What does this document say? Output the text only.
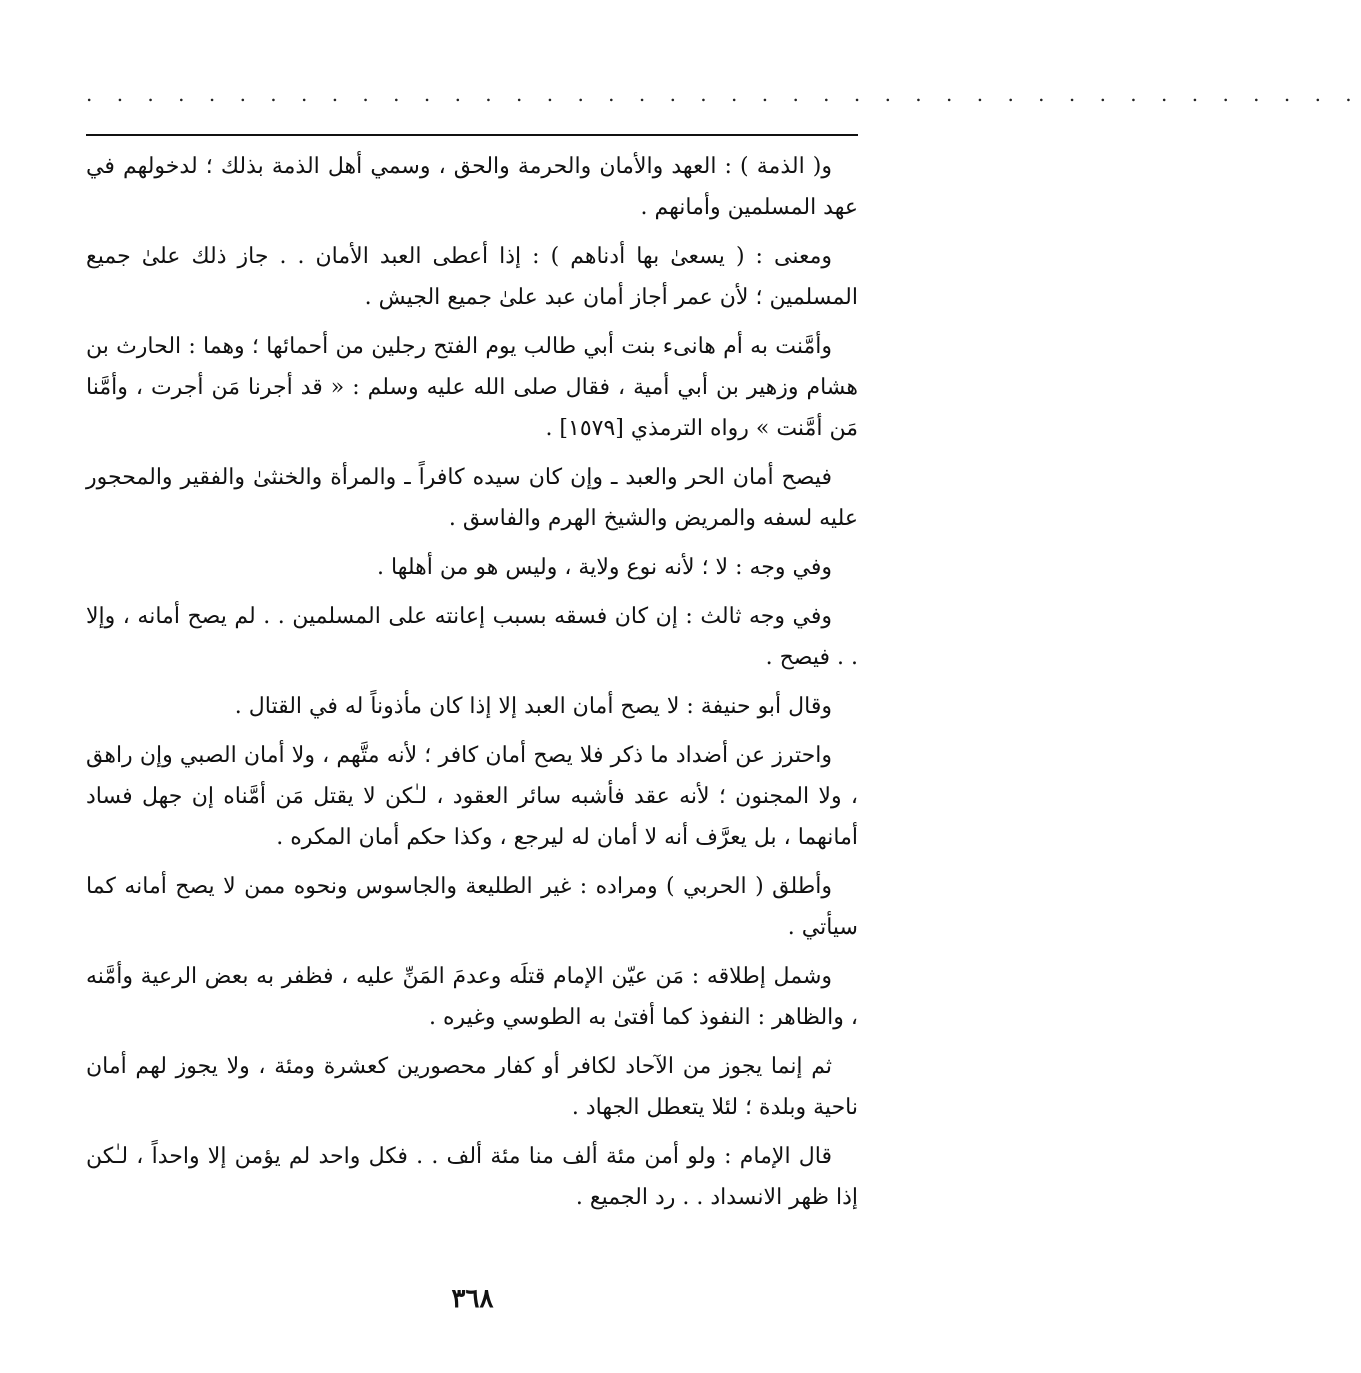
. . . . . . . . . . . . . . . . . . . . . . . . . . . . . . . . . . . . . . . . . .

و( الذمة ) : العهد والأمان والحرمة والحق ، وسمي أهل الذمة بذلك ؛ لدخولهم في عهد المسلمين وأمانهم .

ومعنى : ( يسعىٰ بها أدناهم ) : إذا أعطى العبد الأمان . . جاز ذلك علىٰ جميع المسلمين ؛ لأن عمر أجاز أمان عبد علىٰ جميع الجيش .

وأمَّنت به أم هانىء بنت أبي طالب يوم الفتح رجلين من أحمائها ؛ وهما : الحارث بن هشام وزهير بن أبي أمية ، فقال صلى الله عليه وسلم : « قد أجرنا مَن أجرت ، وأمَّنا مَن أمَّنت » رواه الترمذي [١٥٧٩] .

فيصح أمان الحر والعبد ـ وإن كان سيده كافراً ـ والمرأة والخنثىٰ والفقير والمحجور عليه لسفه والمريض والشيخ الهرم والفاسق .

وفي وجه : لا ؛ لأنه نوع ولاية ، وليس هو من أهلها .

وفي وجه ثالث : إن كان فسقه بسبب إعانته على المسلمين . . لم يصح أمانه ، وإلا . . فيصح .

وقال أبو حنيفة : لا يصح أمان العبد إلا إذا كان مأذوناً له في القتال .

واحترز عن أضداد ما ذكر فلا يصح أمان كافر ؛ لأنه متَّهم ، ولا أمان الصبي وإن راهق ، ولا المجنون ؛ لأنه عقد فأشبه سائر العقود ، لـٰكن لا يقتل مَن أمَّناه إن جهل فساد أمانهما ، بل يعرَّف أنه لا أمان له ليرجع ، وكذا حكم أمان المكره .

وأطلق ( الحربي ) ومراده : غير الطليعة والجاسوس ونحوه ممن لا يصح أمانه كما سيأتي .

وشمل إطلاقه : مَن عيّن الإمام قتلَه وعدمَ المَنِّ عليه ، فظفر به بعض الرعية وأمَّنه ، والظاهر : النفوذ كما أفتىٰ به الطوسي وغيره .

ثم إنما يجوز من الآحاد لكافر أو كفار محصورين كعشرة ومئة ، ولا يجوز لهم أمان ناحية وبلدة ؛ لئلا يتعطل الجهاد .

قال الإمام : ولو أمن مئة ألف منا مئة ألف . . فكل واحد لم يؤمن إلا واحداً ، لـٰكن إذا ظهر الانسداد . . رد الجميع .

٣٦٨
